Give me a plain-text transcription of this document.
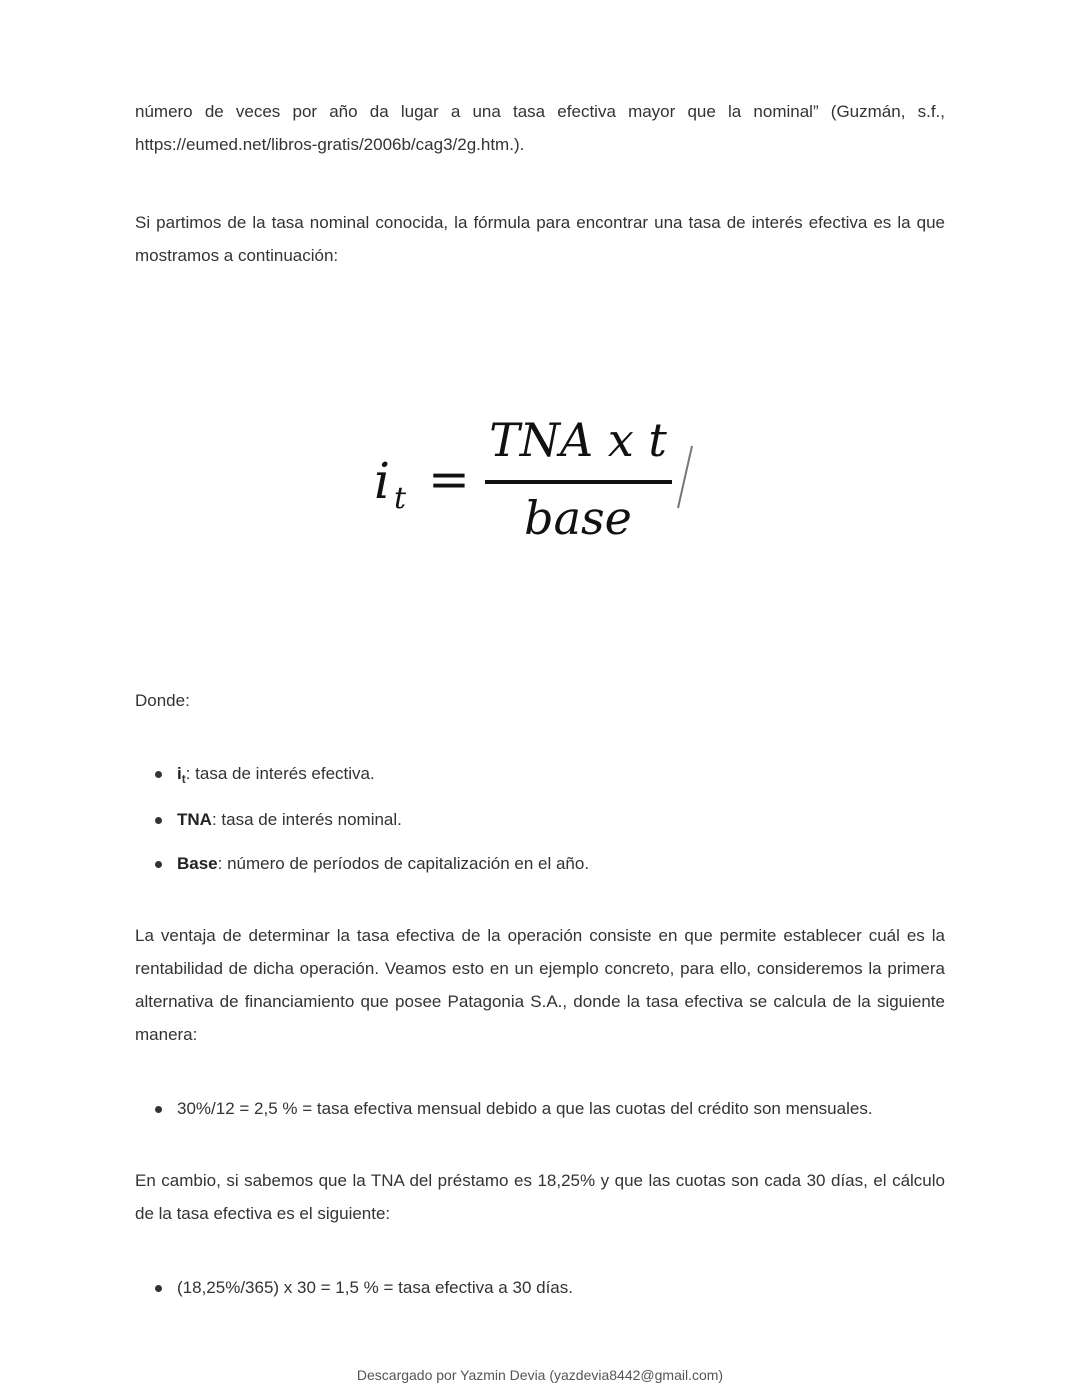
número de veces por año da lugar a una tasa efectiva mayor que la nominal” (Guzmán, s.f.,

https://eumed.net/libros-gratis/2006b/cag3/2g.htm.).

Si partimos de la tasa nominal conocida, la fórmula para encontrar una tasa de interés efectiva es la que mostramos a continuación:

i t =
TNA x t
base

Donde:

$i_t$: tasa de interés efectiva.

TNA: tasa de interés nominal.

Base: número de períodos de capitalización en el año.

La ventaja de determinar la tasa efectiva de la operación consiste en que permite establecer cuál es la rentabilidad de dicha operación. Veamos esto en un ejemplo concreto, para ello, consideremos la primera alternativa de financiamiento que posee Patagonia S.A., donde la tasa efectiva se calcula de la siguiente manera:

30%/12 = 2,5 % = tasa efectiva mensual debido a que las cuotas del crédito son mensuales.

En cambio, si sabemos que la TNA del préstamo es 18,25% y que las cuotas son cada 30 días, el cálculo de la tasa efectiva es el siguiente:

(18,25%/365) x 30 = 1,5 % = tasa efectiva a 30 días.

Descargado por Yazmin Devia (yazdevia8442@gmail.com)
